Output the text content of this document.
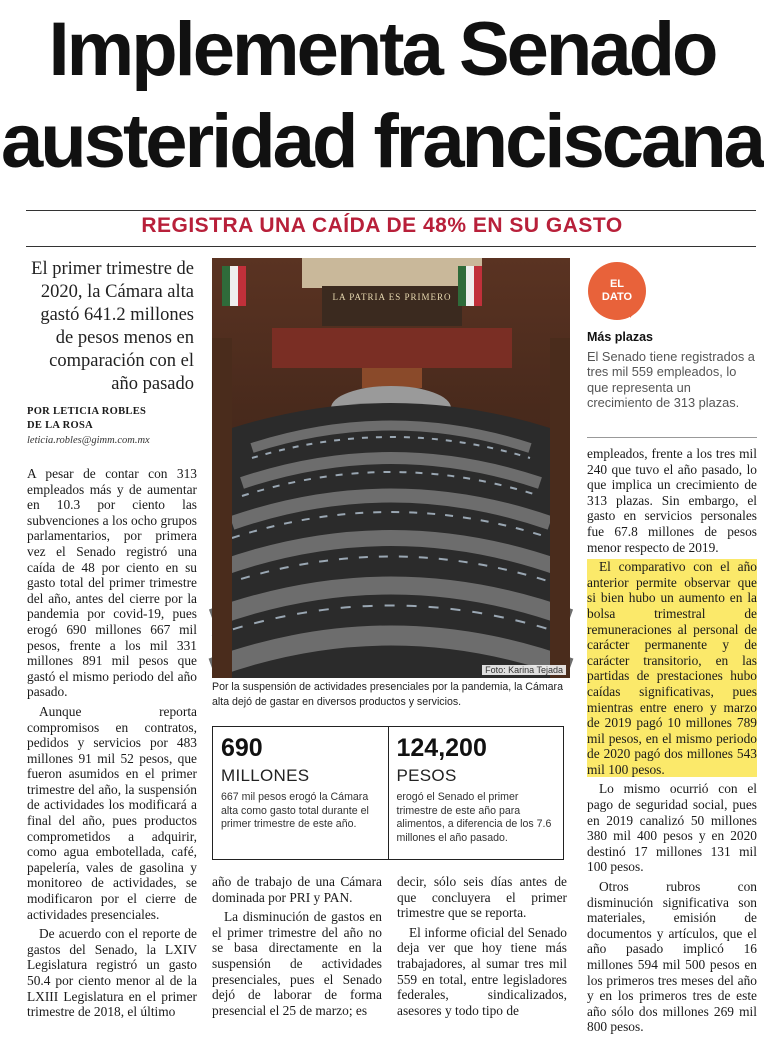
Implementa Senado
austeridad franciscana
REGISTRA UNA CAÍDA DE 48% EN SU GASTO
El primer trimestre de 2020, la Cámara alta gastó 641.2 millones de pesos menos en comparación con el año pasado
POR LETICIA ROBLES
DE LA ROSA
leticia.robles@gimm.com.mx

A pesar de contar con 313 empleados más y de aumentar en 10.3 por ciento las subvenciones a los ocho grupos parlamentarios, por primera vez el Senado registró una caída de 48 por ciento en su gasto total del primer trimestre del año, antes del cierre por la pandemia por covid-19, pues erogó 690 millones 667 mil pesos, frente a los mil 331 millones 891 mil pesos que gastó el mismo periodo del año pasado.

Aunque reporta compromisos en contratos, pedidos y servicios por 483 millones 91 mil 52 pesos, que fueron asumidos en el primer trimestre del año, la suspensión de actividades los modificará a final del año, pues productos comprometidos a adquirir, como agua embotellada, café, papelería, vales de gasolina y monitoreo de actividades, se modificaron por el cierre de actividades presenciales.

De acuerdo con el reporte de gastos del Senado, la LXIV Legislatura registró un gasto 50.4 por ciento menor al de la LXIII Legislatura en el primer trimestre de 2018, el último

LA PATRIA ES PRIMERO
Foto: Karina Tejada
Por la suspensión de actividades presenciales por la pandemia, la Cámara alta dejó de gastar en diversos productos y servicios.
690
MILLONES
667 mil pesos erogó la Cámara alta como gasto total durante el primer trimestre de este año.
124,200
PESOS
erogó el Senado el primer trimestre de este año para alimentos, a diferencia de los 7.6 millones el año pasado.

año de trabajo de una Cámara dominada por PRI y PAN.

La disminución de gastos en el primer trimestre del año no se basa directamente en la suspensión de actividades presenciales, pues el Senado dejó de laborar de forma presencial el 25 de marzo; es

decir, sólo seis días antes de que concluyera el primer trimestre que se reporta.

El informe oficial del Senado deja ver que hoy tiene más trabajadores, al sumar tres mil 559 en total, entre legisladores federales, sindicalizados, asesores y todo tipo de

EL
DATO
Más plazas
El Senado tiene registrados a tres mil 559 empleados, lo que representa un crecimiento de 313 plazas.

empleados, frente a los tres mil 240 que tuvo el año pasado, lo que implica un crecimiento de 313 plazas. Sin embargo, el gasto en servicios personales fue 67.8 millones de pesos menor respecto de 2019.

El comparativo con el año anterior permite observar que si bien hubo un aumento en la bolsa trimestral de remuneraciones al personal de carácter permanente y de carácter transitorio, en las partidas de prestaciones hubo caídas significativas, pues mientras entre enero y marzo de 2019 pagó 10 millones 789 mil pesos, en el mismo periodo de 2020 pagó dos millones 543 mil 100 pesos.

Lo mismo ocurrió con el pago de seguridad social, pues en 2019 canalizó 50 millones 380 mil 400 pesos y en 2020 destinó 17 millones 131 mil 100 pesos.

Otros rubros con disminución significativa son materiales, emisión de documentos y artículos, que el año pasado implicó 16 millones 594 mil 500 pesos en los primeros tres meses del año y en los primeros tres de este año sólo dos millones 269 mil 800 pesos.
